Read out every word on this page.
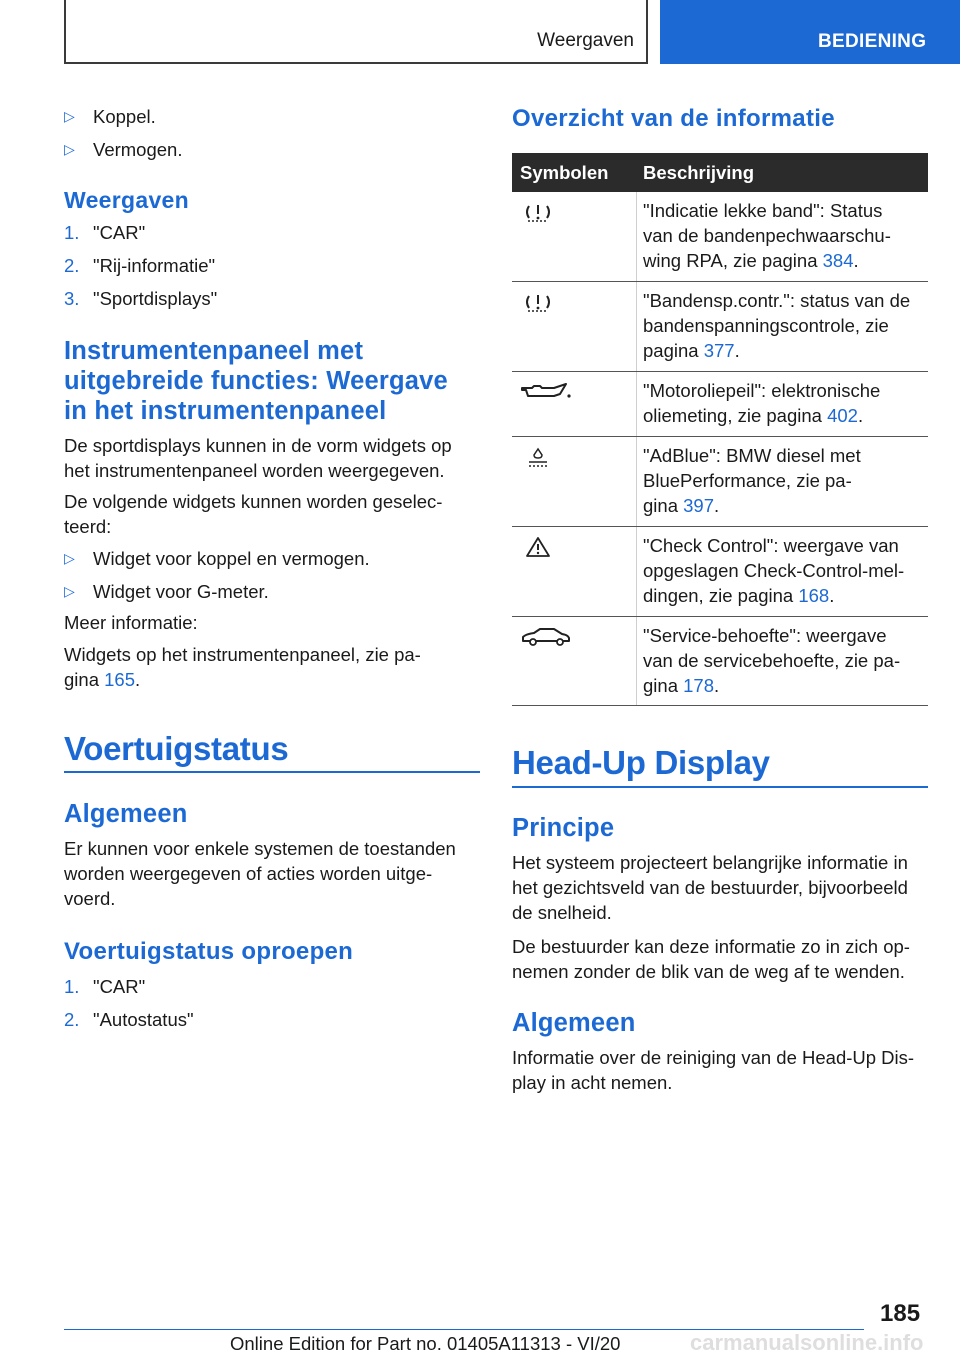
Weergaven	BEDIENING
▷ Koppel.
▷ Vermogen.
Weergaven
1. "CAR"
2. "Rij-informatie"
3. "Sportdisplays"
Instrumentenpaneel met
uitgebreide functies: Weergave
in het instrumentenpaneel
De sportdisplays kunnen in de vorm widgets op
het instrumentenpaneel worden weergegeven.
De volgende widgets kunnen worden geselec-
teerd:
▷ Widget voor koppel en vermogen.
▷ Widget voor G-meter.
Meer informatie:
Widgets op het instrumentenpaneel, zie pa-
gina 165.
Voertuigstatus
Algemeen
Er kunnen voor enkele systemen de toestanden
worden weergegeven of acties worden uitge-
voerd.
Voertuigstatus oproepen
1. "CAR"
2. "Autostatus"
Overzicht van de informatie
Symbolen Beschrijving
"Indicatie lekke band": Status
van de bandenpechwaarschu-
wing RPA, zie pagina 384.
"Bandensp.contr.": status van de
bandenspanningscontrole, zie
pagina 377.
"Motoroliepeil": elektronische
oliemeting, zie pagina 402.
"AdBlue": BMW diesel met
BluePerformance, zie pa-
gina 397.
"Check Control": weergave van
opgeslagen Check-Control-mel-
dingen, zie pagina 168.
"Service-behoefte": weergave
van de servicebehoefte, zie pa-
gina 178.
Head-Up Display
Principe
Het systeem projecteert belangrijke informatie in
het gezichtsveld van de bestuurder, bijvoorbeeld
de snelheid.
De bestuurder kan deze informatie zo in zich op-
nemen zonder de blik van de weg af te wenden.
Algemeen
Informatie over de reiniging van de Head-Up Dis-
play in acht nemen.
185
Online Edition for Part no. 01405A11313 - VI/20	carmanualsonline.info
